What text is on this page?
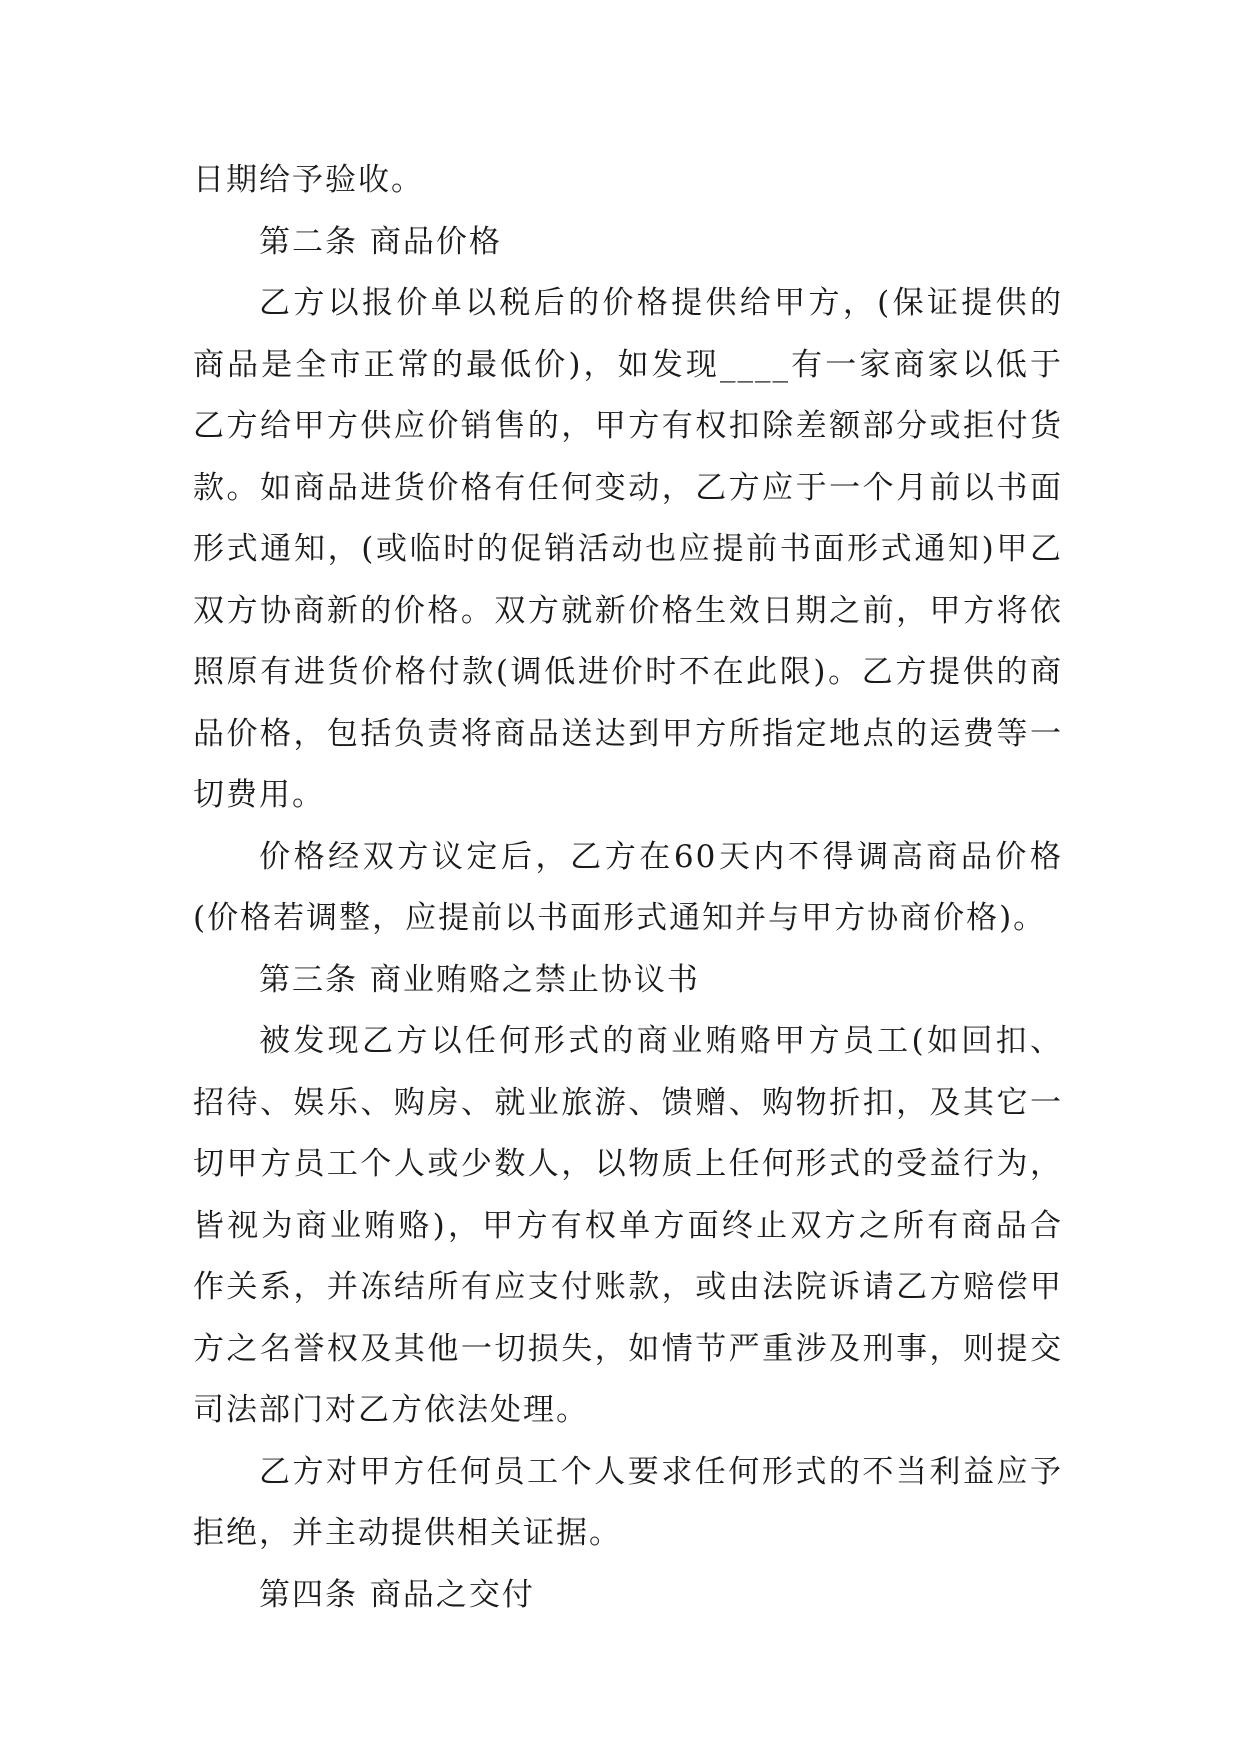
日期给予验收。

第二条 商品价格

乙方以报价单以税后的价格提供给甲方，(保证提供的商品是全市正常的最低价)，如发现____有一家商家以低于乙方给甲方供应价销售的，甲方有权扣除差额部分或拒付货款。如商品进货价格有任何变动，乙方应于一个月前以书面形式通知，(或临时的促销活动也应提前书面形式通知)甲乙双方协商新的价格。双方就新价格生效日期之前，甲方将依照原有进货价格付款(调低进价时不在此限)。乙方提供的商品价格，包括负责将商品送达到甲方所指定地点的运费等一切费用。

价格经双方议定后，乙方在60天内不得调高商品价格(价格若调整，应提前以书面形式通知并与甲方协商价格)。

第三条 商业贿赂之禁止协议书

被发现乙方以任何形式的商业贿赂甲方员工(如回扣、招待、娱乐、购房、就业旅游、馈赠、购物折扣，及其它一切甲方员工个人或少数人，以物质上任何形式的受益行为，皆视为商业贿赂)，甲方有权单方面终止双方之所有商品合作关系，并冻结所有应支付账款，或由法院诉请乙方赔偿甲方之名誉权及其他一切损失，如情节严重涉及刑事，则提交司法部门对乙方依法处理。

乙方对甲方任何员工个人要求任何形式的不当利益应予拒绝，并主动提供相关证据。

第四条 商品之交付
